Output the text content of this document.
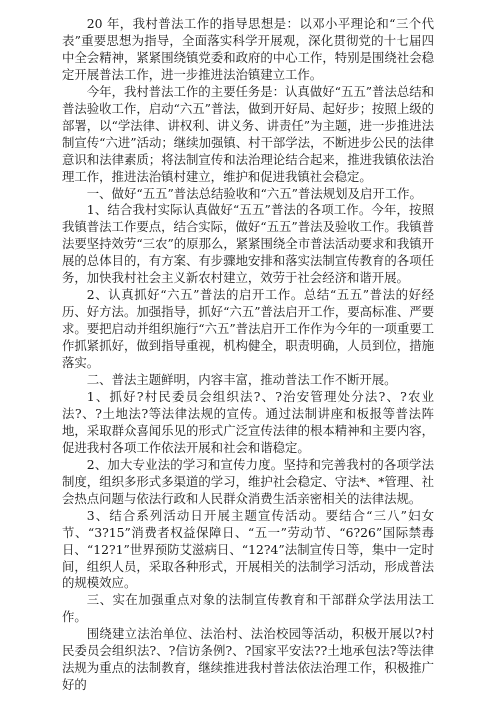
20 年，我村普法工作的指导思想是：以邓小平理论和“三个代表”重要思想为指导，全面落实科学开展观，深化贯彻党的十七届四中全会精神，紧紧围绕镇党委和政府的中心工作，特别是围绕社会稳定开展普法工作，进一步推进法治镇建立工作。

今年，我村普法工作的主要任务是：认真做好“五五”普法总结和普法验收工作，启动“六五”普法，做到开好局、起好步；按照上级的部署，以“学法律、讲权利、讲义务、讲责任”为主题，进一步推进法制宣传“六进”活动；继续加强镇、村干部学法，不断进步公民的法律意识和法律素质；将法制宣传和法治理论结合起来，推进我镇依法治理工作，推进法治镇村建立，维护和促进我镇社会稳定。

一、做好“五五”普法总结验收和“六五”普法规划及启开工作。

1、结合我村实际认真做好“五五”普法的各项工作。今年，按照我镇普法工作要点，结合实际，做好“五五”普法及验收工作。我镇普法要坚持效劳“三农”的原那么，紧紧围绕全市普法活动要求和我镇开展的总体目的，有方案、有步骤地安排和落实法制宣传教育的各项任务，加快我村社会主义新农村建立，效劳于社会经济和谐开展。

2、认真抓好“六五”普法的启开工作。总结“五五”普法的好经历、好方法。加强指导，抓好“六五”普法启开工作，要高标准、严要求。要把启动并组织施行“六五”普法启开工作作为今年的一项重要工作抓紧抓好，做到指导重视，机构健全，职责明确，人员到位，措施落实。

二、普法主题鲜明，内容丰富，推动普法工作不断开展。

1、抓好?村民委员会组织法?、?治安管理处分法?、?农业法?、?土地法?等法律法规的宣传。通过法制讲座和板报等普法阵地，采取群众喜闻乐见的形式广泛宣传法律的根本精神和主要内容，促进我村各项工作依法开展和社会和谐稳定。

2、加大专业法的学习和宣传力度。坚持和完善我村的各项学法制度，组织多形式多渠道的学习，维护社会稳定、守法*、*管理、社会热点问题与依法行政和人民群众消费生活亲密相关的法律法规。

3、结合系列活动日开展主题宣传活动。要结合“三八”妇女节、“3?15”消费者权益保障日、“五一”劳动节、“6?26”国际禁毒日、“12?1”世界预防艾滋病日、“12?4”法制宣传日等，集中一定时间，组织人员，采取各种形式，开展相关的法制学习活动，形成普法的规模效应。

三、实在加强重点对象的法制宣传教育和干部群众学法用法工作。

围绕建立法治单位、法治村、法治校园等活动，积极开展以?村民委员会组织法?、?信访条例?、?国家平安法??土地承包法?等法律法规为重点的法制教育，继续推进我村普法依法治理工作，积极推广好的
